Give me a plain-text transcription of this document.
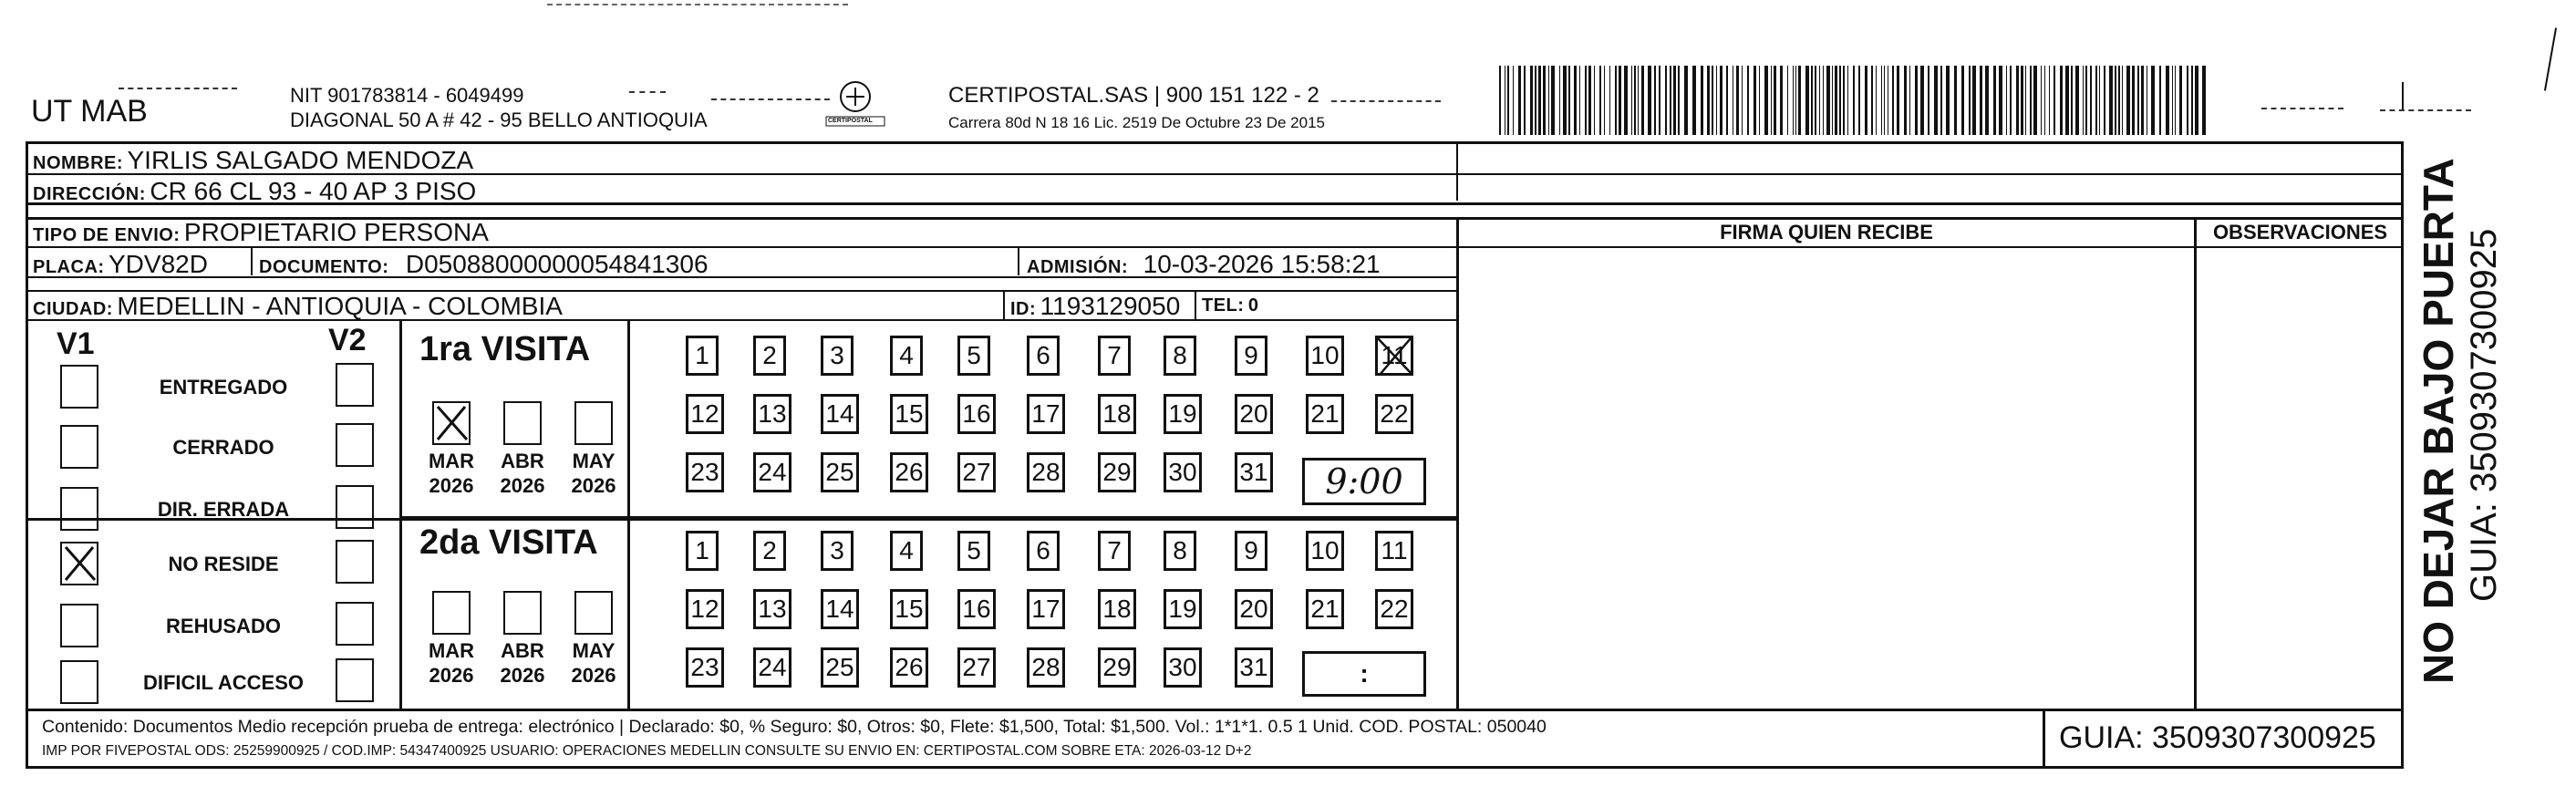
UT MAB	NIT 901783814 - 6049499
DIAGONAL 50 A # 42 - 95 BELLO ANTIOQUIA	CERTIPOSTAL
CERTIPOSTAL.SAS | 900 151 122 - 2
Carrera 80d N 18 16 Lic. 2519 De Octubre 23 De 2015
NOMBRE: YIRLIS SALGADO MENDOZA
DIRECCIÓN: CR 66 CL 93 - 40 AP 3 PISO
TIPO DE ENVIO: PROPIETARIO PERSONA
PLACA: YDV82D	DOCUMENTO: D05088000000054841306	ADMISIÓN: 10-03-2026 15:58:21
CIUDAD: MEDELLIN - ANTIOQUIA - COLOMBIA	ID: 1193129050 TEL: 0
FIRMA QUIEN RECIBE	OBSERVACIONES
V1	V2
ENTREGADO
CERRADO
DIR. ERRADA
NO RESIDE
REHUSADO
DIFICIL ACCESO
1ra VISITA
2da VISITA
MAR
2026
ABR
2026
MAY
2026
MAR
2026
ABR
2026
MAY
2026
1 2 3 4 5 6 7 8 9 10 11
12 13 14 15 16 17 18 19 20 21 22
23 24 25 26 27 28 29 30 31
1 2 3 4 5 6 7 8 9 10 11
12 13 14 15 16 17 18 19 20 21 22
23 24 25 26 27 28 29 30 31
9:00
:
Contenido: Documentos Medio recepción prueba de entrega: electrónico | Declarado: $0, % Seguro: $0, Otros: $0, Flete: $1,500, Total: $1,500. Vol.: 1*1*1. 0.5 1 Unid. COD. POSTAL: 050040
IMP POR FIVEPOSTAL ODS: 25259900925 / COD.IMP: 54347400925 USUARIO: OPERACIONES MEDELLIN CONSULTE SU ENVIO EN: CERTIPOSTAL.COM SOBRE ETA: 2026-03-12 D+2	GUIA: 3509307300925
NO DEJAR BAJO PUERTA GUIA: 3509307300925
